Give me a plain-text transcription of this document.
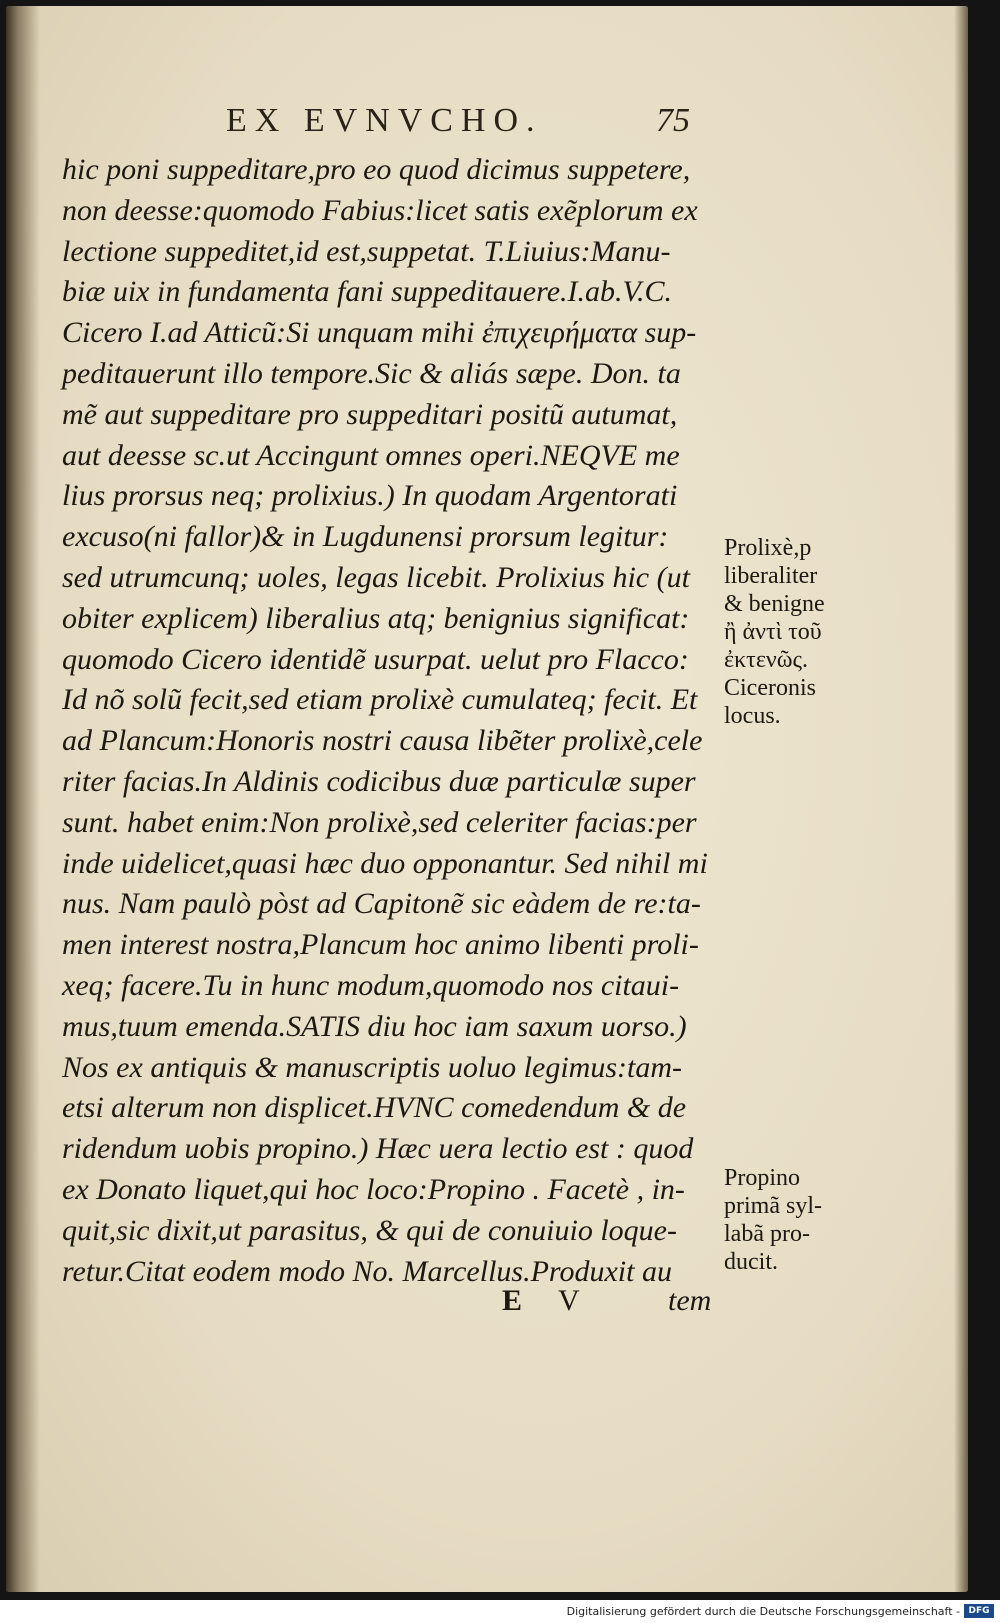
EX EVNVCHO.	75
hic poni suppeditare,pro eo quod dicimus suppetere,
non deesse:quomodo Fabius:licet satis exẽplorum ex
lectione suppeditet,id est,suppetat. T.Liuius:Manu-
biæ uix in fundamenta fani suppeditauere.I.ab.V.C.
Cicero I.ad Atticũ:Si unquam mihi ἐπιχειρήματα sup-
peditauerunt illo tempore.Sic & aliás sæpe. Don. ta
mẽ aut suppeditare pro suppeditari positũ autumat,
aut deesse sc.ut Accingunt omnes operi.NEQVE me
lius prorsus neq; prolixius.) In quodam Argentorati
excuso(ni fallor)& in Lugdunensi prorsum legitur:
sed utrumcunq; uoles, legas licebit. Prolixius hic (ut
obiter explicem) liberalius atq; benignius significat:
quomodo Cicero identidẽ usurpat. uelut pro Flacco:
Id nõ solũ fecit,sed etiam prolixè cumulateq; fecit. Et
ad Plancum:Honoris nostri causa libẽter prolixè,cele
riter facias.In Aldinis codicibus duæ particulæ super
sunt. habet enim:Non prolixè,sed celeriter facias:per
inde uidelicet,quasi hæc duo opponantur. Sed nihil mi
nus. Nam paulò pòst ad Capitonẽ sic eàdem de re:ta-
men interest nostra,Plancum hoc animo libenti proli-
xeq; facere.Tu in hunc modum,quomodo nos citaui-
mus,tuum emenda.SATIS diu hoc iam saxum uorso.)
Nos ex antiquis & manuscriptis uoluo legimus:tam-
etsi alterum non displicet.HVNC comedendum & de
ridendum uobis propino.) Hæc uera lectio est : quod
ex Donato liquet,qui hoc loco:Propino . Facetè , in-
quit,sic dixit,ut parasitus, & qui de conuiuio loque-
retur.Citat eodem modo No. Marcellus.Produxit au
E V	tem
Prolixè,p
liberaliter
& benigne
ἢ ἀντὶ τοῦ
ἐκτενῶς.
Ciceronis
locus.
Propino
primã syl-
labã pro-
ducit.
Digitalisierung gefördert durch die Deutsche Forschungsgemeinschaft - DFG
